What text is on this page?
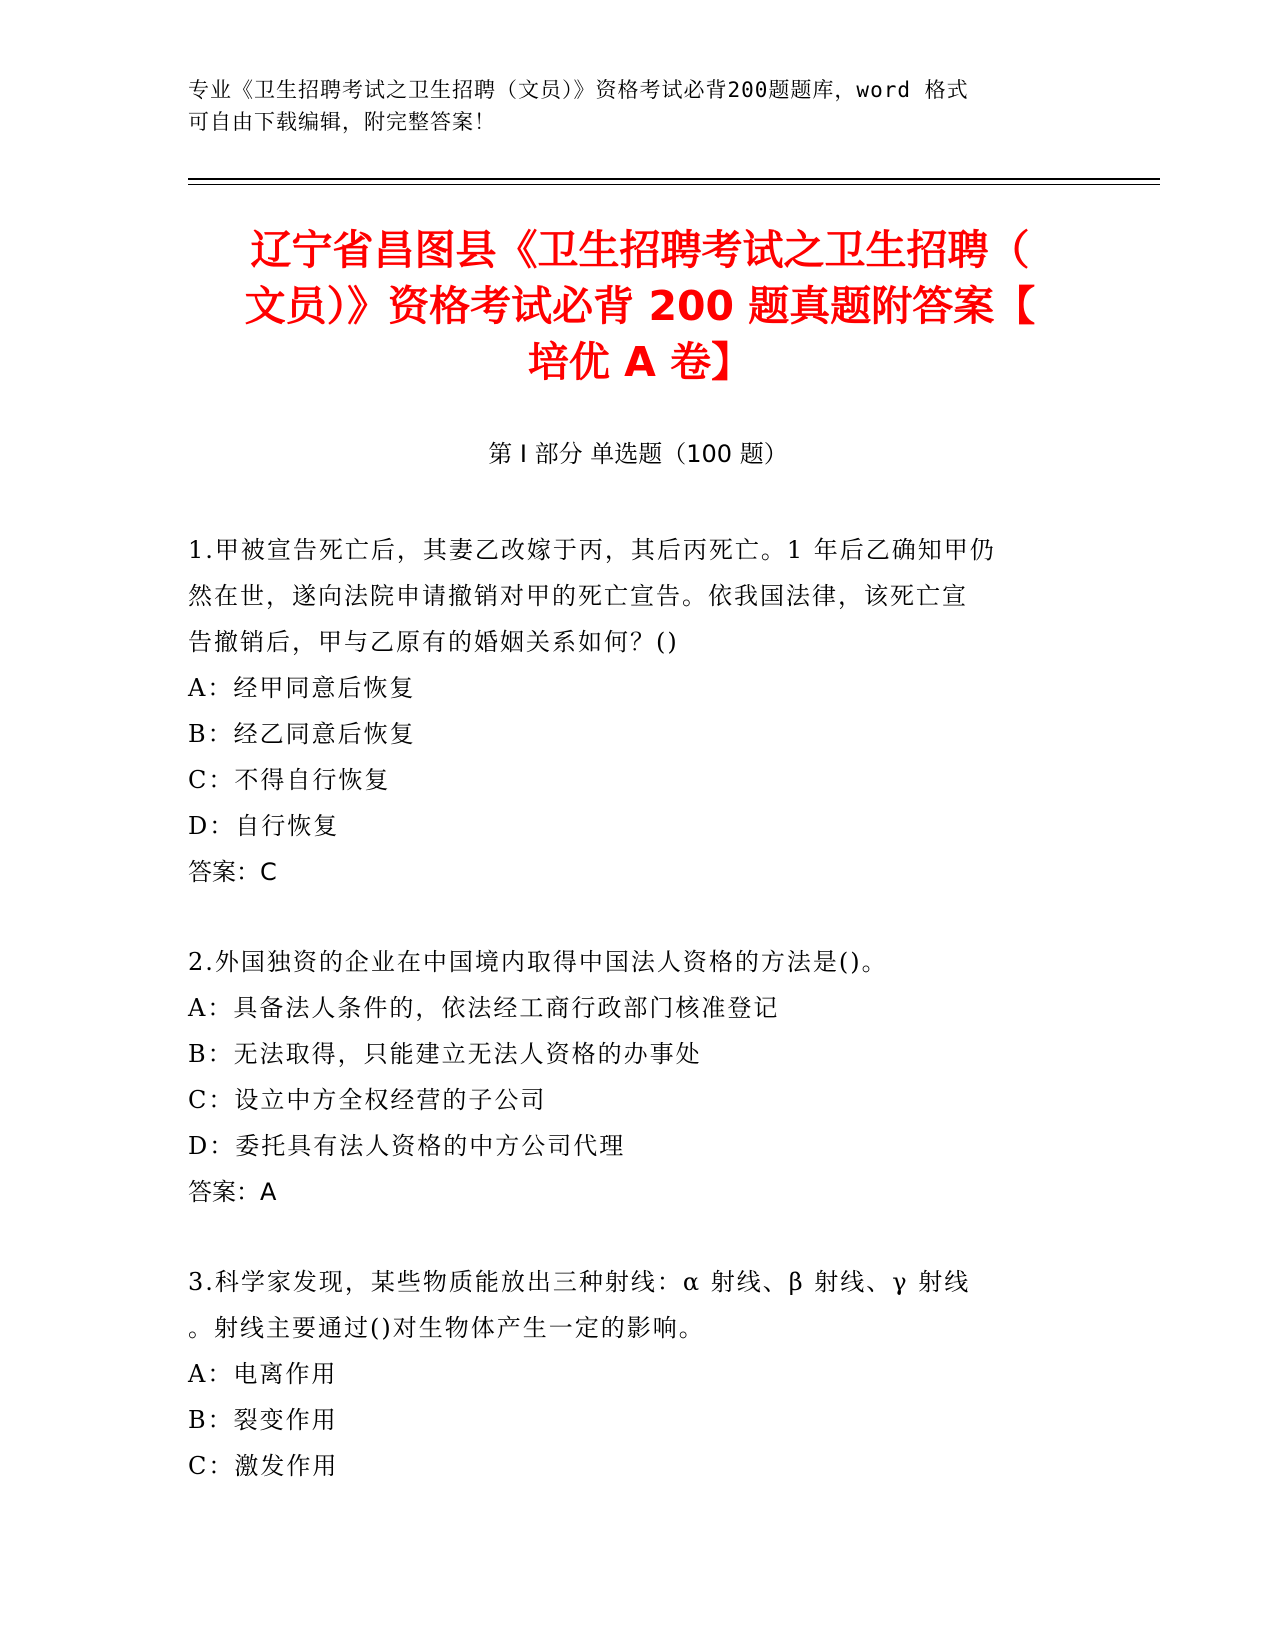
专业《卫生招聘考试之卫生招聘（文员）》资格考试必背200题题库，word 格式
可自由下载编辑，附完整答案！
辽宁省昌图县《卫生招聘考试之卫生招聘（
文员）》资格考试必背 200 题真题附答案【
培优 A 卷】
第 I 部分 单选题（100 题）
1.甲被宣告死亡后，其妻乙改嫁于丙，其后丙死亡。1 年后乙确知甲仍
然在世，遂向法院申请撤销对甲的死亡宣告。依我国法律，该死亡宣
告撤销后，甲与乙原有的婚姻关系如何？()
A：经甲同意后恢复
B：经乙同意后恢复
C：不得自行恢复
D：自行恢复
答案：C
2.外国独资的企业在中国境内取得中国法人资格的方法是()。
A：具备法人条件的，依法经工商行政部门核准登记
B：无法取得，只能建立无法人资格的办事处
C：设立中方全权经营的子公司
D：委托具有法人资格的中方公司代理
答案：A
3.科学家发现，某些物质能放出三种射线：α 射线、β 射线、γ 射线
。射线主要通过()对生物体产生一定的影响。
A：电离作用
B：裂变作用
C：激发作用
